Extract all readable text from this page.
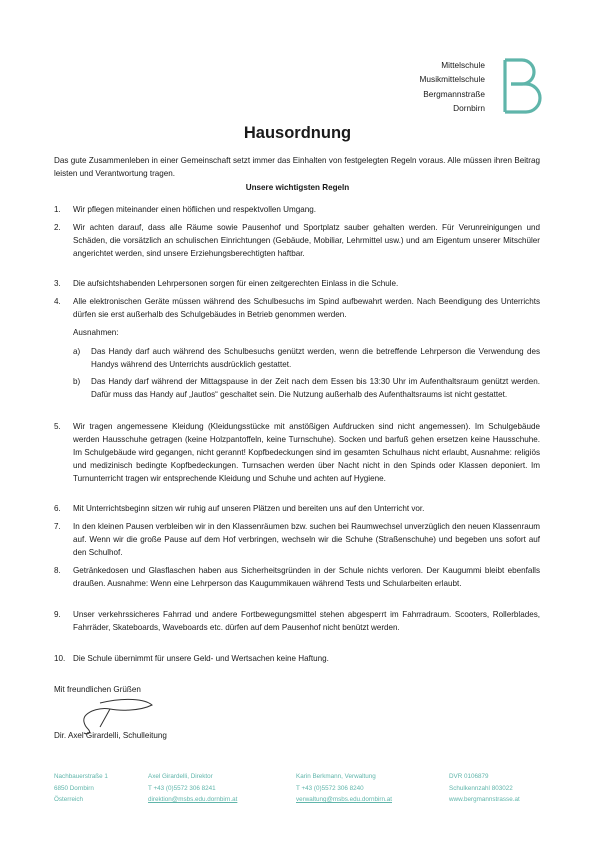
Mittelschule
Musikmittelschule
Bergmannstraße
Dornbirn
Hausordnung
Das gute Zusammenleben in einer Gemeinschaft setzt immer das Einhalten von festgelegten Regeln voraus. Alle müssen ihren Beitrag leisten und Verantwortung tragen.
Unsere wichtigsten Regeln
1. Wir pflegen miteinander einen höflichen und respektvollen Umgang.
2. Wir achten darauf, dass alle Räume sowie Pausenhof und Sportplatz sauber gehalten werden. Für Verunreinigungen und Schäden, die vorsätzlich an schulischen Einrichtungen (Gebäude, Mobiliar, Lehrmittel usw.) und am Eigentum unserer Mitschüler angerichtet werden, sind unsere Erziehungsberechtigten haftbar.
3. Die aufsichtshabenden Lehrpersonen sorgen für einen zeitgerechten Einlass in die Schule.
4. Alle elektronischen Geräte müssen während des Schulbesuchs im Spind aufbewahrt werden. Nach Beendigung des Unterrichts dürfen sie erst außerhalb des Schulgebäudes in Betrieb genommen werden.
Ausnahmen:
a) Das Handy darf auch während des Schulbesuchs genützt werden, wenn die betreffende Lehrperson die Verwendung des Handys während des Unterrichts ausdrücklich gestattet.
b) Das Handy darf während der Mittagspause in der Zeit nach dem Essen bis 13:30 Uhr im Aufenthaltsraum genützt werden. Dafür muss das Handy auf „lautlos“ geschaltet sein. Die Nutzung außerhalb des Aufenthaltsraums ist nicht gestattet.
5. Wir tragen angemessene Kleidung (Kleidungsstücke mit anstößigen Aufdrucken sind nicht angemessen). Im Schulgebäude werden Hausschuhe getragen (keine Holzpantoffeln, keine Turnschuhe). Socken und barfuß gehen ersetzen keine Hausschuhe. Im Schulgebäude wird gegangen, nicht gerannt! Kopfbedeckungen sind im gesamten Schulhaus nicht erlaubt, Ausnahme: religiös und medizinisch bedingte Kopfbedeckungen. Turnsachen werden über Nacht nicht in den Spinds oder Klassen deponiert. Im Turnunterricht tragen wir entsprechende Kleidung und Schuhe und achten auf Hygiene.
6. Mit Unterrichtsbeginn sitzen wir ruhig auf unseren Plätzen und bereiten uns auf den Unterricht vor.
7. In den kleinen Pausen verbleiben wir in den Klassenräumen bzw. suchen bei Raumwechsel unverzüglich den neuen Klassenraum auf. Wenn wir die große Pause auf dem Hof verbringen, wechseln wir die Schuhe (Straßenschuhe) und begeben uns sofort auf den Schulhof.
8. Getränkedosen und Glasflaschen haben aus Sicherheitsgründen in der Schule nichts verloren. Der Kaugummi bleibt ebenfalls draußen. Ausnahme: Wenn eine Lehrperson das Kaugummikauen während Tests und Schularbeiten erlaubt.
9. Unser verkehrssicheres Fahrrad und andere Fortbewegungsmittel stehen abgesperrt im Fahrradraum. Scooters, Rollerblades, Fahrräder, Skateboards, Waveboards etc. dürfen auf dem Pausenhof nicht benützt werden.
10. Die Schule übernimmt für unsere Geld- und Wertsachen keine Haftung.
Mit freundlichen Grüßen
Dir. Axel Girardelli, Schulleitung
Nachbauerstraße 1
6850 Dornbirn
Österreich
Axel Girardelli, Direktor
T +43 (0)5572 306 8241
direktion@msbs.edu.dornbirn.at
Karin Berkmann, Verwaltung
T +43 (0)5572 306 8240
verwaltung@msbs.edu.dornbirn.at
DVR 0106879
Schulkennzahl 803022
www.bergmannstrasse.at
